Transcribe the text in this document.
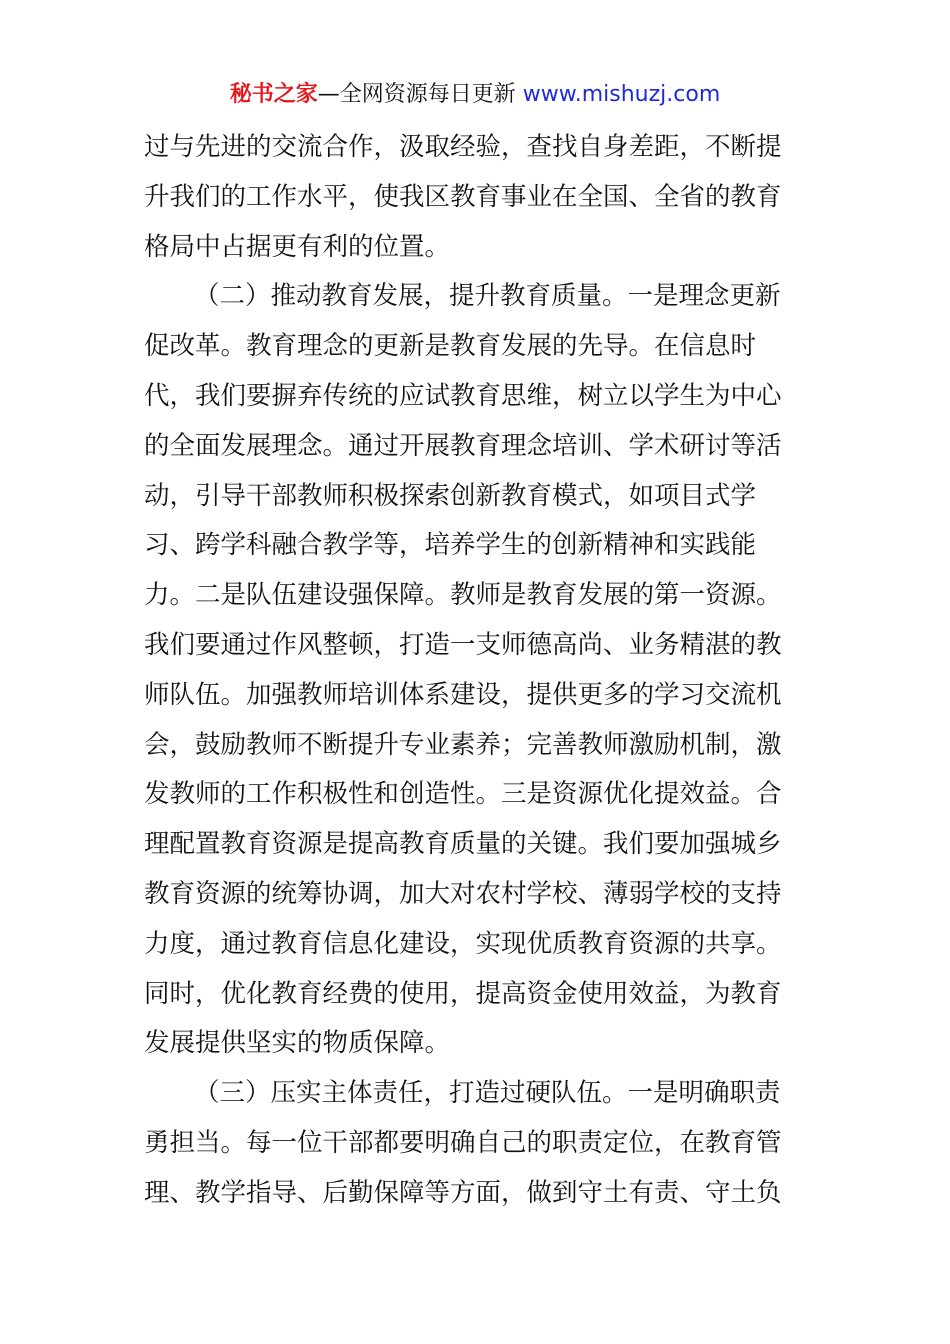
秘书之家—全网资源每日更新 www.mishuzj.com
过与先进的交流合作，汲取经验，查找自身差距，不断提
升我们的工作水平，使我区教育事业在全国、全省的教育
格局中占据更有利的位置。
（二）推动教育发展，提升教育质量。一是理念更新
促改革。教育理念的更新是教育发展的先导。在信息时
代，我们要摒弃传统的应试教育思维，树立以学生为中心
的全面发展理念。通过开展教育理念培训、学术研讨等活
动，引导干部教师积极探索创新教育模式，如项目式学
习、跨学科融合教学等，培养学生的创新精神和实践能
力。二是队伍建设强保障。教师是教育发展的第一资源。
我们要通过作风整顿，打造一支师德高尚、业务精湛的教
师队伍。加强教师培训体系建设，提供更多的学习交流机
会，鼓励教师不断提升专业素养；完善教师激励机制，激
发教师的工作积极性和创造性。三是资源优化提效益。合
理配置教育资源是提高教育质量的关键。我们要加强城乡
教育资源的统筹协调，加大对农村学校、薄弱学校的支持
力度，通过教育信息化建设，实现优质教育资源的共享。
同时，优化教育经费的使用，提高资金使用效益，为教育
发展提供坚实的物质保障。
（三）压实主体责任，打造过硬队伍。一是明确职责
勇担当。每一位干部都要明确自己的职责定位，在教育管
理、教学指导、后勤保障等方面，做到守土有责、守土负
